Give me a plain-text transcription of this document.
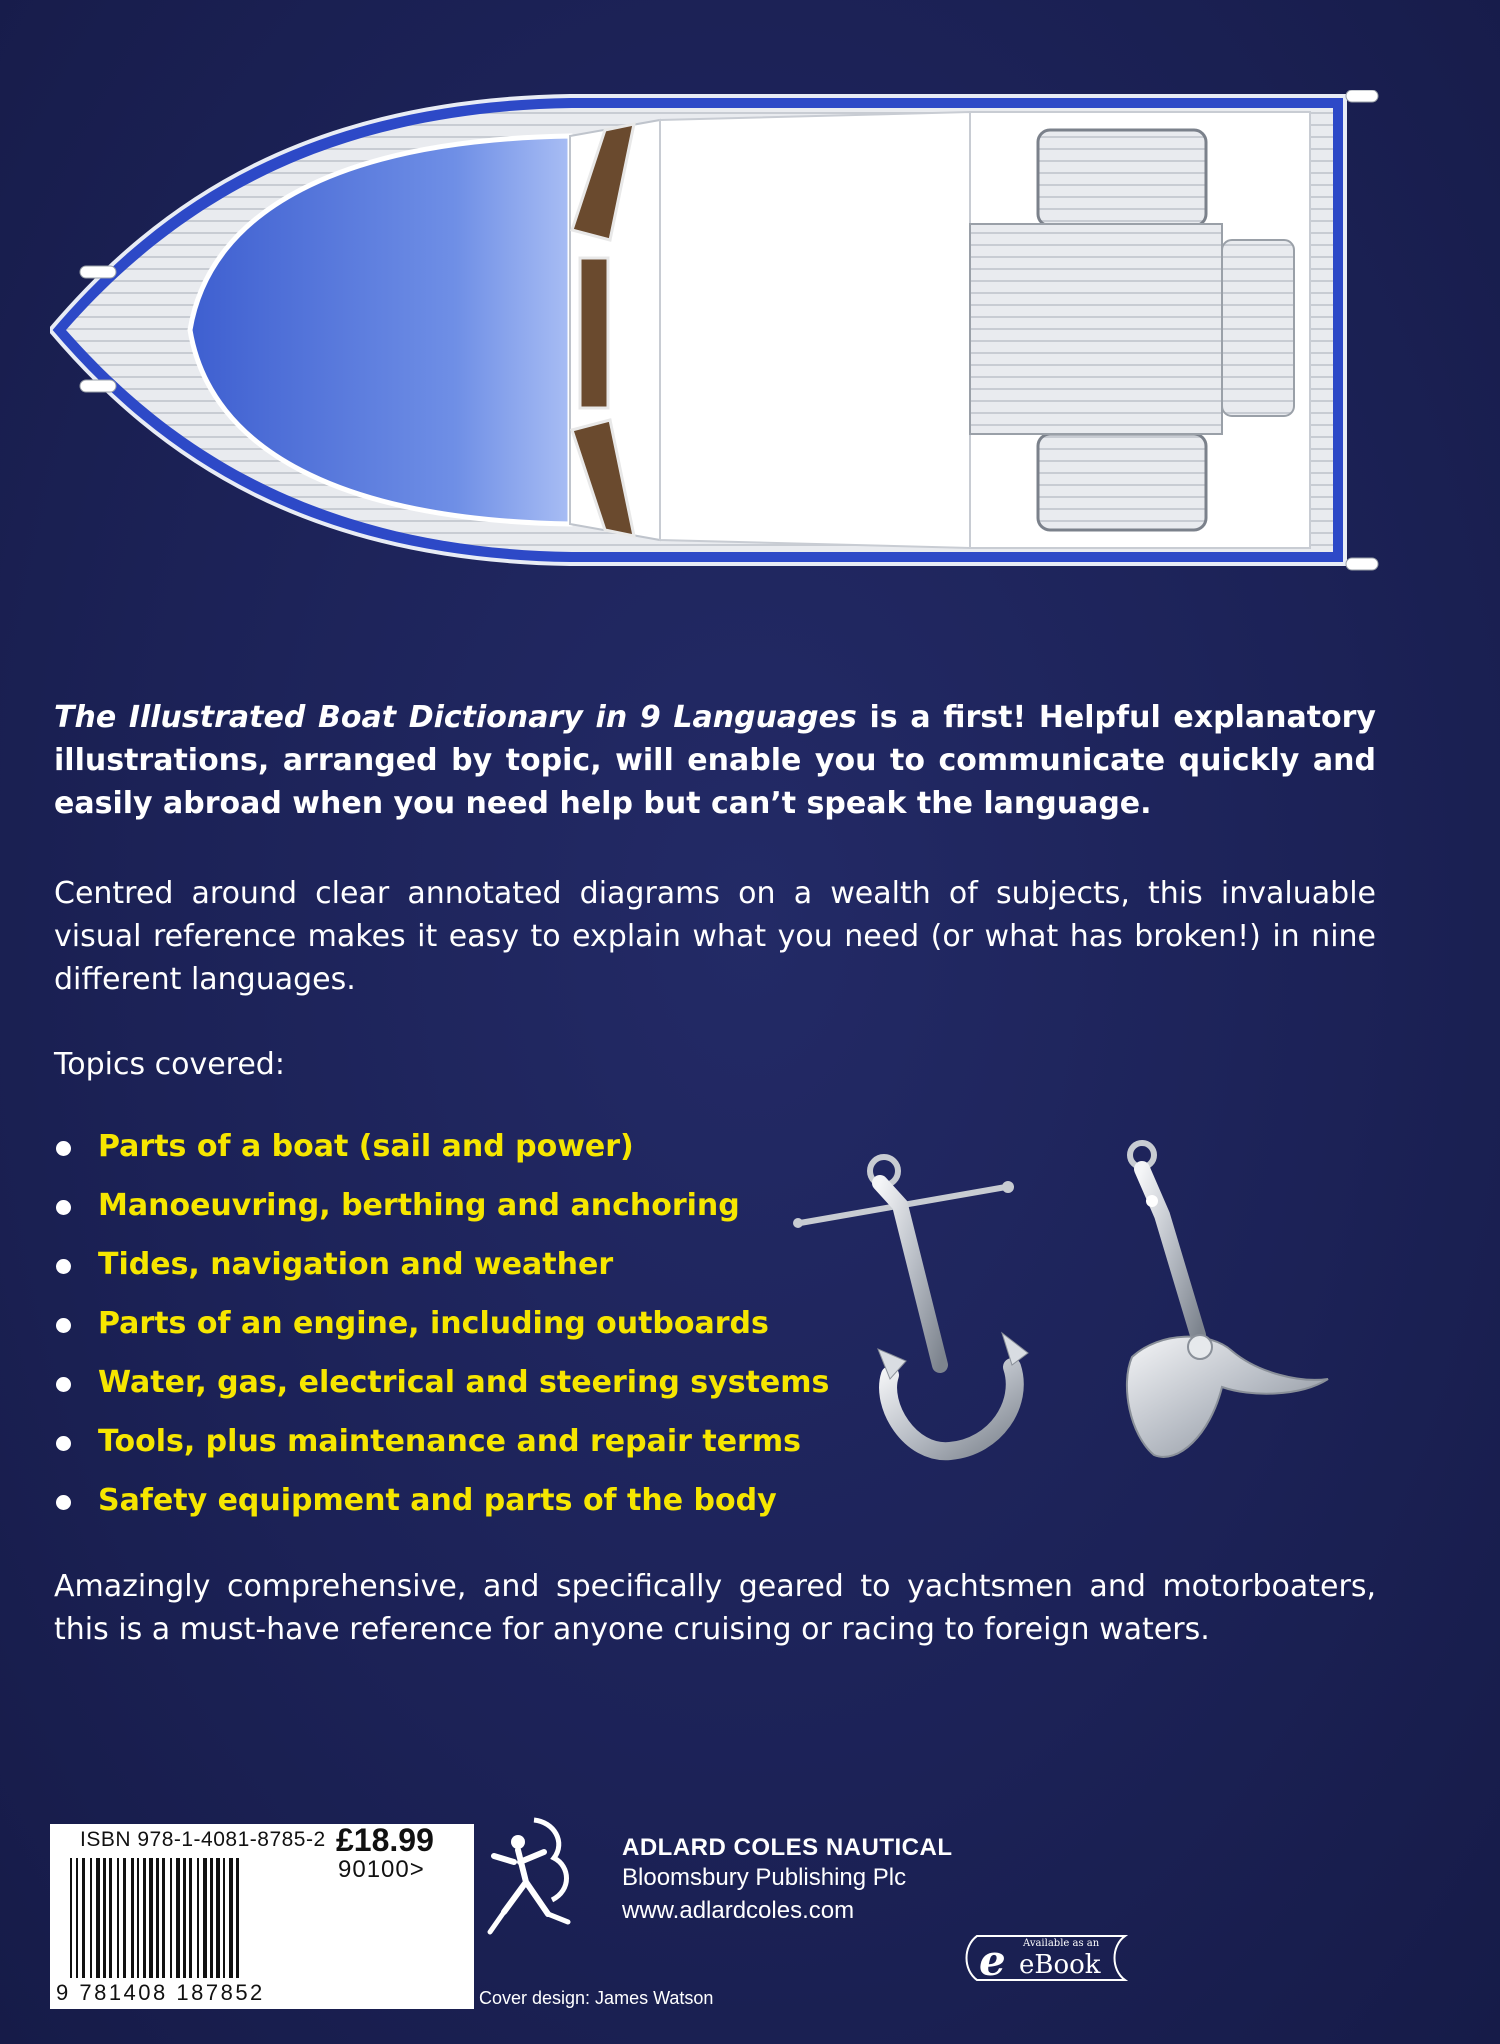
The Illustrated Boat Dictionary in 9 Languages is a first! Helpful explanatory illustrations, arranged by topic, will enable you to communicate quickly and easily abroad when you need help but can’t speak the language.
Centred around clear annotated diagrams on a wealth of subjects, this invaluable visual reference makes it easy to explain what you need (or what has broken!) in nine different languages.
Topics covered:
Parts of a boat (sail and power)
Manoeuvring, berthing and anchoring
Tides, navigation and weather
Parts of an engine, including outboards
Water, gas, electrical and steering systems
Tools, plus maintenance and repair terms
Safety equipment and parts of the body

Amazingly comprehensive, and specifically geared to yachtsmen and motorboaters, this is a must-have reference for anyone cruising or racing to foreign waters.

ISBN 978-1-4081-8785-2 £18.99
90100>
9 781408 187852
ADLARD COLES NAUTICAL
Bloomsbury Publishing Plc
www.adlardcoles.com
Cover design: James Watson
e Available as an
eBook
